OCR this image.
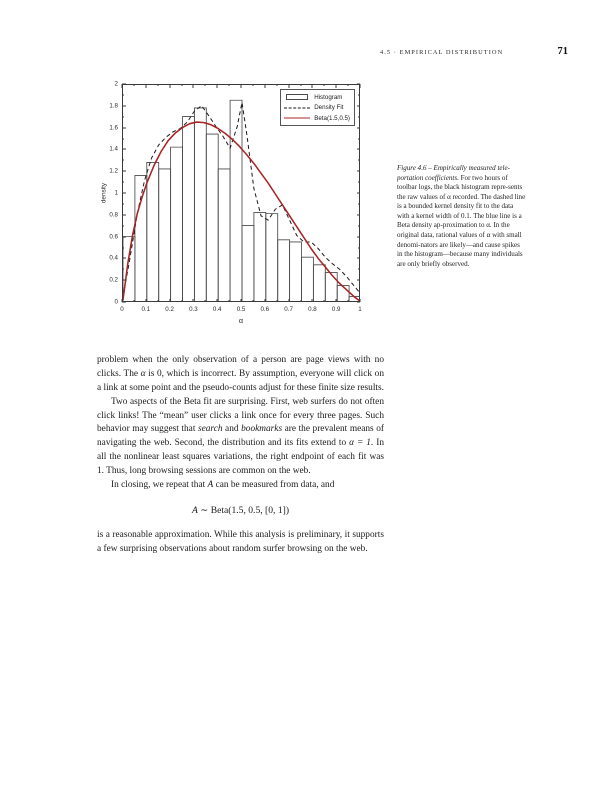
4.5 · EMPIRICAL DISTRIBUTION	71
Histogram
Density Fit
Beta(1.5,0.5)
0
0.2
0.4
0.6
0.8
1
1.2
1.4
1.6
1.8
2
0	0.1 0.2 0.3 0.4 0.5 0.6 0.7 0.8 0.9	1
density
α
Figure 4.6 – Empirically measured tele-portation coefficients. For two hours of toolbar logs, the black histogram repre-sents the raw values of α recorded. The dashed line is a bounded kernel density fit to the data with a kernel width of 0.1. The blue line is a Beta density ap-proximation to α. In the original data, rational values of α with small denomi-nators are likely—and cause spikes in the histogram—because many individuals are only briefly observed.

problem when the only observation of a person are page views with no clicks. The α is 0, which is incorrect. By assumption, everyone will click on a link at some point and the pseudo-counts adjust for these finite size results.

Two aspects of the Beta fit are surprising. First, web surfers do not often click links! The “mean” user clicks a link once for every three pages. Such behavior may suggest that search and bookmarks are the prevalent means of navigating the web. Second, the distribution and its fits extend to α = 1. In all the nonlinear least squares variations, the right endpoint of each fit was 1. Thus, long browsing sessions are common on the web.

In closing, we repeat that A can be measured from data, and

A ∼ Beta(1.5, 0.5, [0, 1])

is a reasonable approximation. While this analysis is preliminary, it supports a few surprising observations about random surfer browsing on the web.
